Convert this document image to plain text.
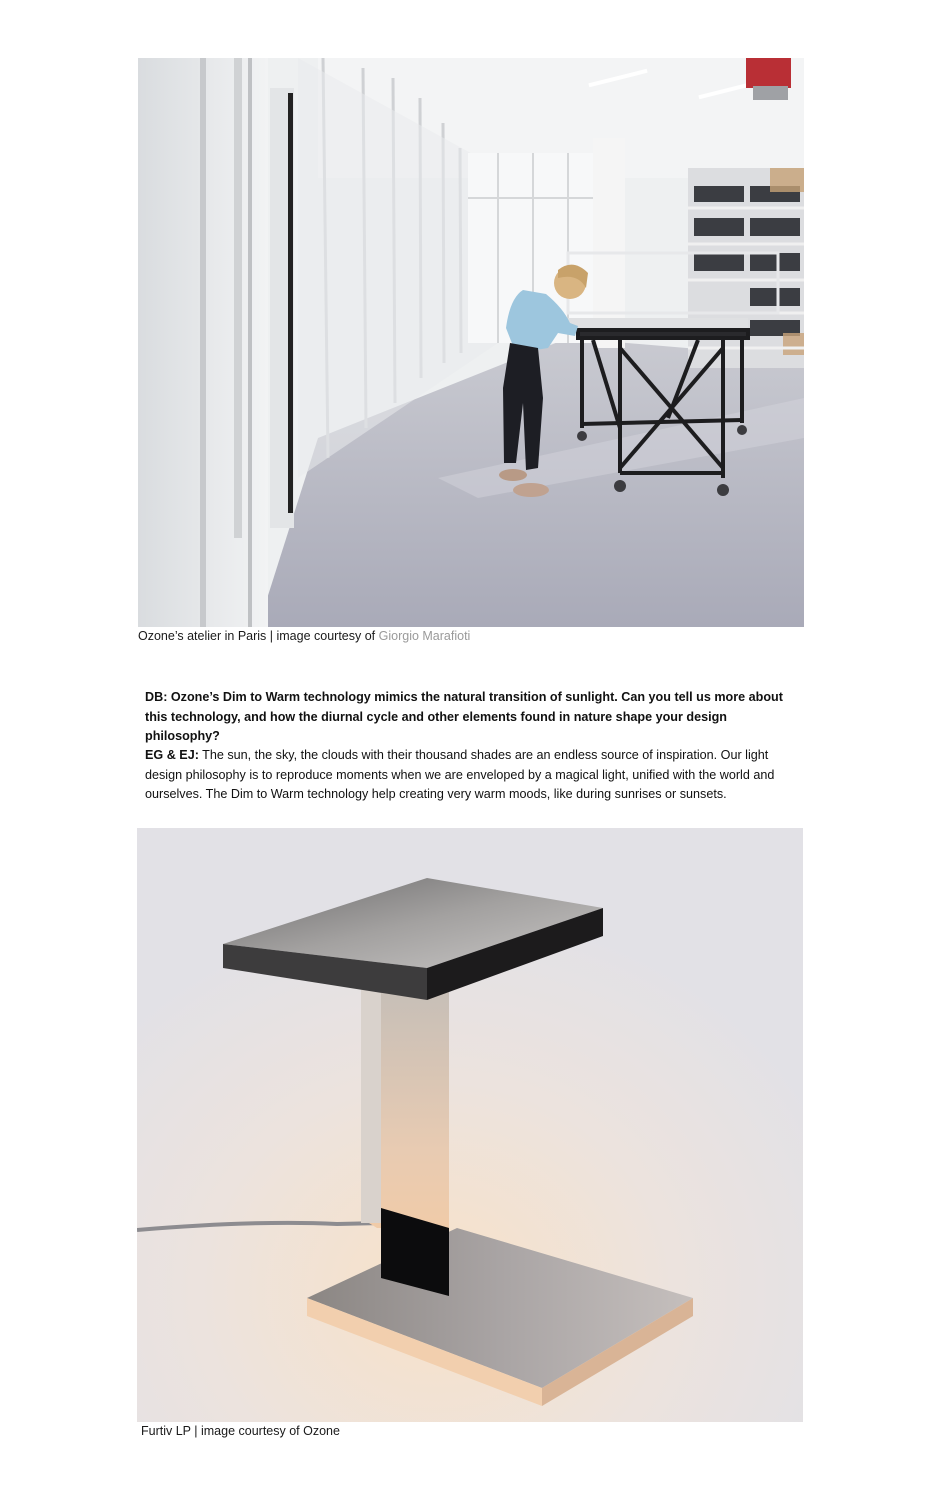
Ozone’s atelier in Paris | image courtesy of Giorgio Marafioti

DB: Ozone’s Dim to Warm technology mimics the natural transition of sunlight. Can you tell us more about this technology, and how the diurnal cycle and other elements found in nature shape your design philosophy?

EG & EJ: The sun, the sky, the clouds with their thousand shades are an endless source of inspiration. Our light design philosophy is to reproduce moments when we are enveloped by a magical light, unified with the world and ourselves. The Dim to Warm technology help creating very warm moods, like during sunrises or sunsets.

Furtiv LP | image courtesy of Ozone
